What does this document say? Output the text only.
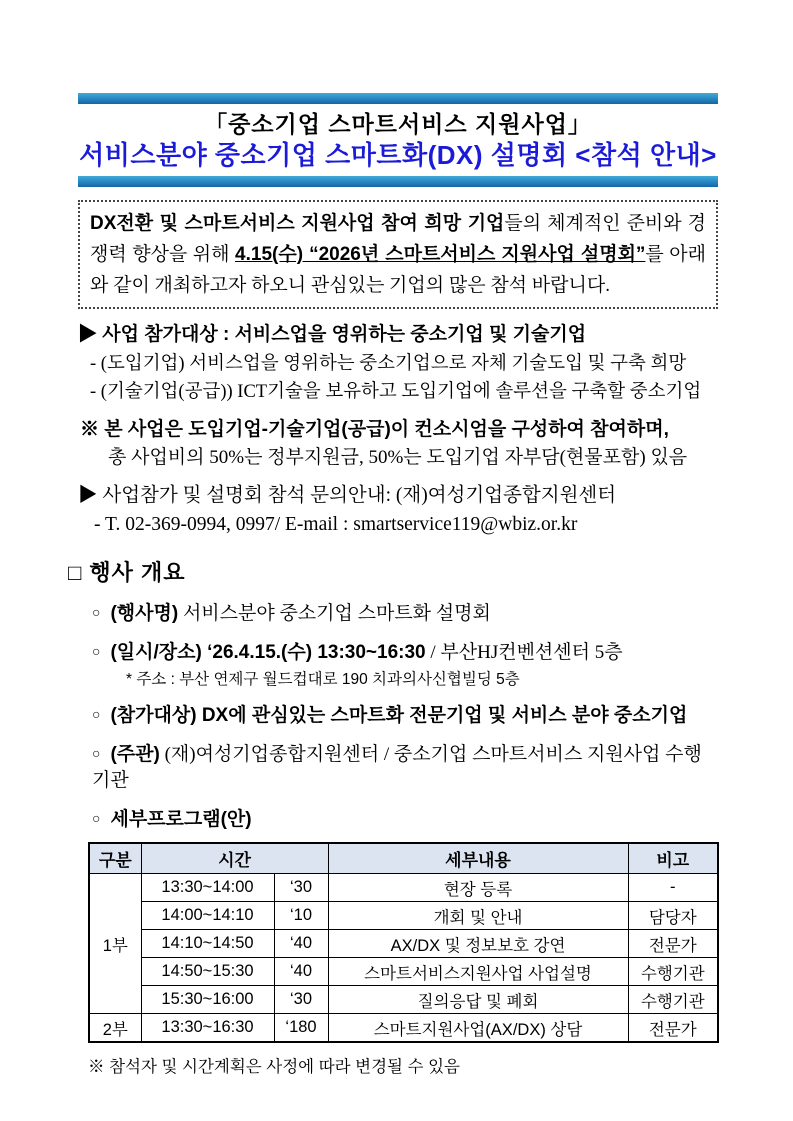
「중소기업 스마트서비스 지원사업」
서비스분야 중소기업 스마트화(DX) 설명회 <참석 안내>
DX전환 및 스마트서비스 지원사업 참여 희망 기업들의 체계적인 준비와 경쟁력 향상을 위해 4.15(수) “2026년 스마트서비스 지원사업 설명회”를 아래와 같이 개최하고자 하오니 관심있는 기업의 많은 참석 바랍니다.
▶ 사업 참가대상 : 서비스업을 영위하는 중소기업 및 기술기업
- (도입기업) 서비스업을 영위하는 중소기업으로 자체 기술도입 및 구축 희망
- (기술기업(공급)) ICT기술을 보유하고 도입기업에 솔루션을 구축할 중소기업
※ 본 사업은 도입기업-기술기업(공급)이 컨소시엄을 구성하여 참여하며,
총 사업비의 50%는 정부지원금, 50%는 도입기업 자부담(현물포함) 있음
▶ 사업참가 및 설명회 참석 문의안내: (재)여성기업종합지원센터
- T. 02-369-0994, 0997/ E-mail : smartservice119@wbiz.or.kr
□ 행사 개요
○ (행사명) 서비스분야 중소기업 스마트화 설명회
○ (일시/장소) ‘26.4.15.(수) 13:30~16:30 / 부산HJ컨벤션센터 5층
* 주소 : 부산 연제구 월드컵대로 190 치과의사신협빌딩 5층
○ (참가대상) DX에 관심있는 스마트화 전문기업 및 서비스 분야 중소기업
○ (주관) (재)여성기업종합지원센터 / 중소기업 스마트서비스 지원사업 수행기관
○ 세부프로그램(안)
구분	시간		세부내용	비고
1부	13:30~14:00	‘30	현장 등록	-
	14:00~14:10	‘10	개회 및 안내	담당자
	14:10~14:50	‘40	AX/DX 및 정보보호 강연	전문가
	14:50~15:30	‘40	스마트서비스지원사업 사업설명	수행기관
	15:30~16:00	‘30	질의응답 및 폐회	수행기관
2부	13:30~16:30	‘180	스마트지원사업(AX/DX) 상담	전문가
※ 참석자 및 시간계획은 사정에 따라 변경될 수 있음
